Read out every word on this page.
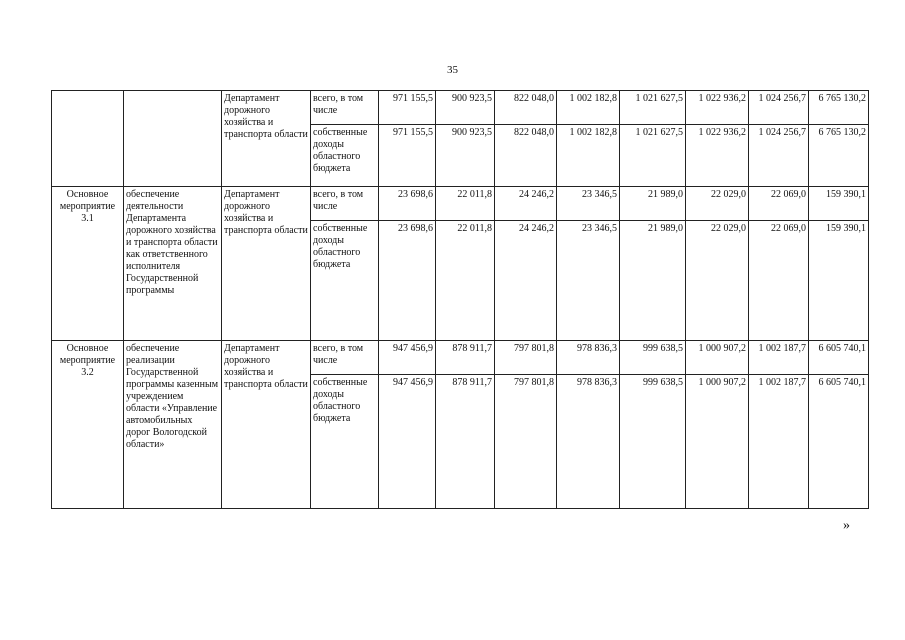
35
		Департамент дорожного хозяйства и транспорта области	всего, в том числе	971 155,5	900 923,5	822 048,0	1 002 182,8	1 021 627,5	1 022 936,2	1 024 256,7	6 765 130,2
			собственные доходы областного бюджета	971 155,5	900 923,5	822 048,0	1 002 182,8	1 021 627,5	1 022 936,2	1 024 256,7	6 765 130,2
Основное мероприятие 3.1	обеспечение деятельности Департамента дорожного хозяйства и транспорта области как ответственного исполнителя Государственной программы	Департамент дорожного хозяйства и транспорта области	всего, в том числе	23 698,6	22 011,8	24 246,2	23 346,5	21 989,0	22 029,0	22 069,0	159 390,1
			собственные доходы областного бюджета	23 698,6	22 011,8	24 246,2	23 346,5	21 989,0	22 029,0	22 069,0	159 390,1
Основное мероприятие 3.2	обеспечение реализации Государственной программы казенным учреждением области «Управление автомобильных дорог Вологодской области»	Департамент дорожного хозяйства и транспорта области	всего, в том числе	947 456,9	878 911,7	797 801,8	978 836,3	999 638,5	1 000 907,2	1 002 187,7	6 605 740,1
			собственные доходы областного бюджета	947 456,9	878 911,7	797 801,8	978 836,3	999 638,5	1 000 907,2	1 002 187,7	6 605 740,1
»
